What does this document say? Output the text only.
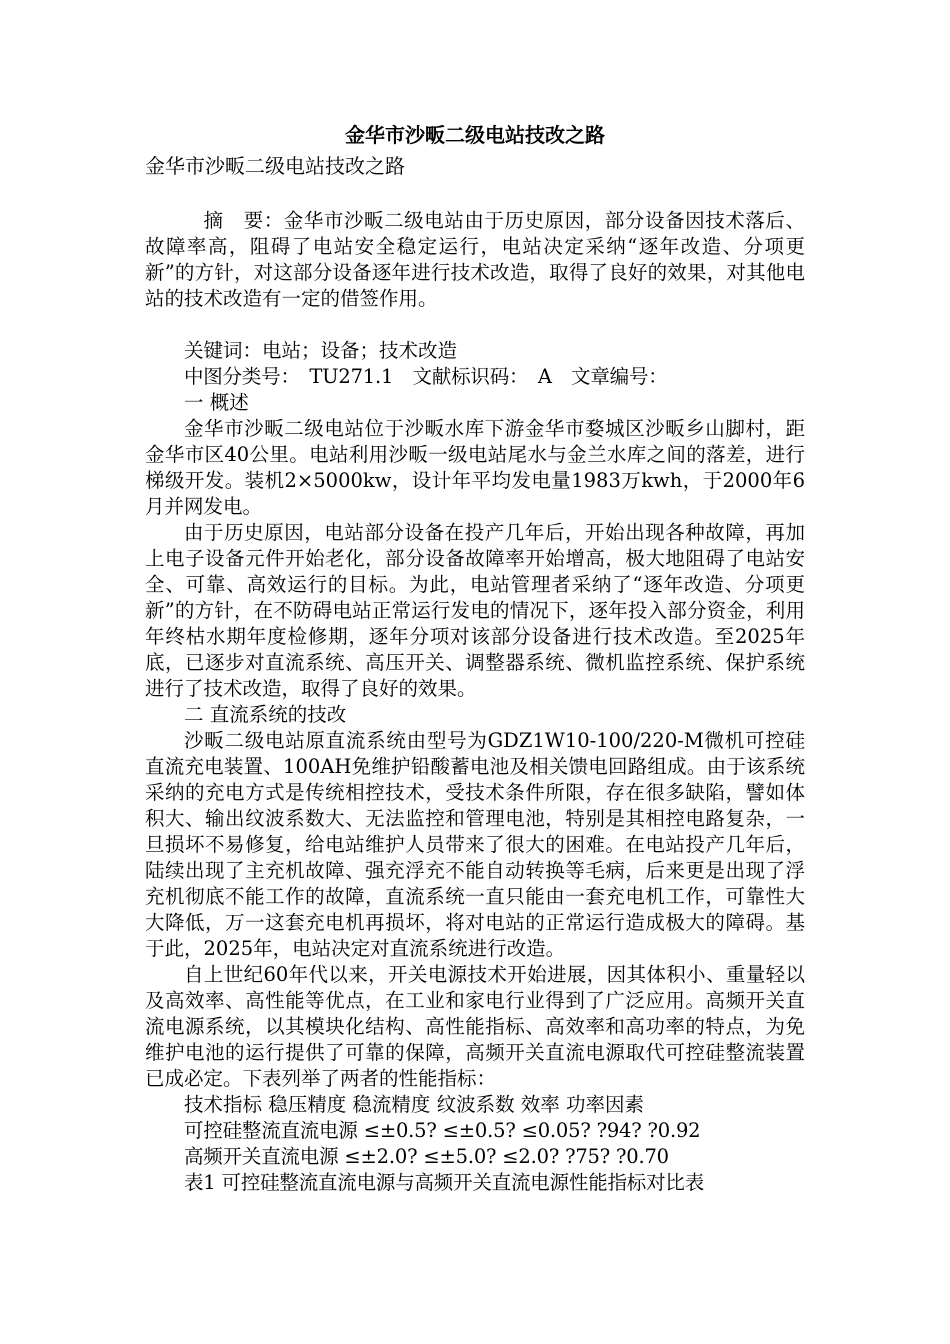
金华市沙畈二级电站技改之路

金华市沙畈二级电站技改之路

摘　要：金华市沙畈二级电站由于历史原因，部分设备因技术落后、故障率高，阻碍了电站安全稳定运行，电站决定采纳“逐年改造、分项更新”的方针，对这部分设备逐年进行技术改造，取得了良好的效果，对其他电站的技术改造有一定的借签作用。

关键词：电站；设备；技术改造

中图分类号：　TU271.1　文献标识码：　A　文章编号：

一 概述

金华市沙畈二级电站位于沙畈水库下游金华市婺城区沙畈乡山脚村，距金华市区40公里。电站利用沙畈一级电站尾水与金兰水库之间的落差，进行梯级开发。装机2×5000kw，设计年平均发电量1983万kwh，于2000年6月并网发电。

由于历史原因，电站部分设备在投产几年后，开始出现各种故障，再加上电子设备元件开始老化，部分设备故障率开始增高，极大地阻碍了电站安全、可靠、高效运行的目标。为此，电站管理者采纳了“逐年改造、分项更新”的方针，在不防碍电站正常运行发电的情况下，逐年投入部分资金，利用年终枯水期年度检修期，逐年分项对该部分设备进行技术改造。至2025年底，已逐步对直流系统、高压开关、调整器系统、微机监控系统、保护系统进行了技术改造，取得了良好的效果。

二 直流系统的技改

沙畈二级电站原直流系统由型号为GDZ1W10-100/220-M微机可控硅直流充电装置、100AH免维护铅酸蓄电池及相关馈电回路组成。由于该系统采纳的充电方式是传统相控技术，受技术条件所限，存在很多缺陷，譬如体积大、输出纹波系数大、无法监控和管理电池，特别是其相控电路复杂，一旦损坏不易修复，给电站维护人员带来了很大的困难。在电站投产几年后，陆续出现了主充机故障、强充浮充不能自动转换等毛病，后来更是出现了浮充机彻底不能工作的故障，直流系统一直只能由一套充电机工作，可靠性大大降低，万一这套充电机再损坏，将对电站的正常运行造成极大的障碍。基于此，2025年，电站决定对直流系统进行改造。

自上世纪60年代以来，开关电源技术开始进展，因其体积小、重量轻以及高效率、高性能等优点，在工业和家电行业得到了广泛应用。高频开关直流电源系统，以其模块化结构、高性能指标、高效率和高功率的特点，为免维护电池的运行提供了可靠的保障，高频开关直流电源取代可控硅整流装置已成必定。下表列举了两者的性能指标：

技术指标 稳压精度 稳流精度 纹波系数 效率 功率因素

可控硅整流直流电源 ≤±0.5? ≤±0.5? ≤0.05? ?94? ?0.92

高频开关直流电源 ≤±2.0? ≤±5.0? ≤2.0? ?75? ?0.70

表1 可控硅整流直流电源与高频开关直流电源性能指标对比表
